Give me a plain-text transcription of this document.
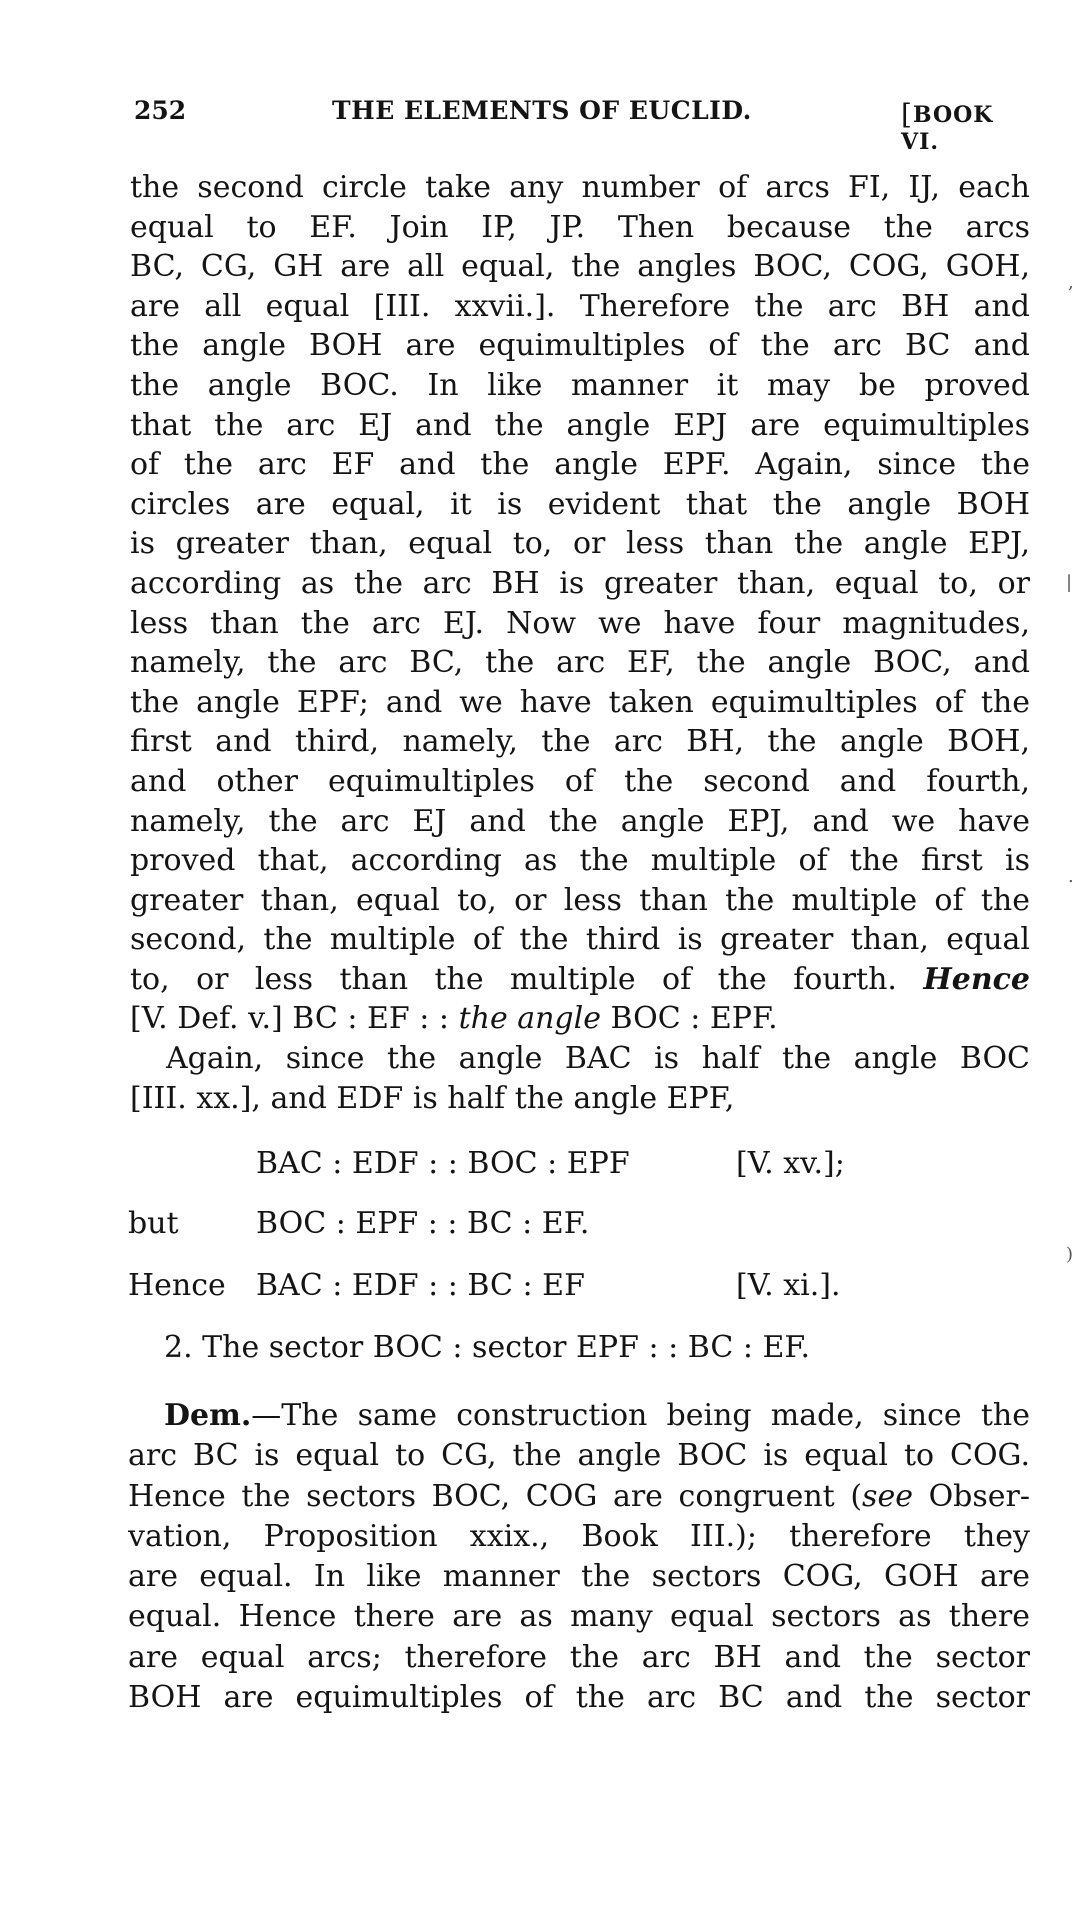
252	THE ELEMENTS OF EUCLID.	[BOOK VI.
the second circle take any number of arcs FI, IJ, each
equal to EF. Join IP, JP. Then because the arcs
BC, CG, GH are all equal, the angles BOC, COG, GOH,
are all equal [III. xxvii.]. Therefore the arc BH and
the angle BOH are equimultiples of the arc BC and
the angle BOC. In like manner it may be proved
that the arc EJ and the angle EPJ are equimultiples
of the arc EF and the angle EPF. Again, since the
circles are equal, it is evident that the angle BOH
is greater than, equal to, or less than the angle EPJ,
according as the arc BH is greater than, equal to, or
less than the arc EJ. Now we have four magnitudes,
namely, the arc BC, the arc EF, the angle BOC, and
the angle EPF; and we have taken equimultiples of the
first and third, namely, the arc BH, the angle BOH,
and other equimultiples of the second and fourth,
namely, the arc EJ and the angle EPJ, and we have
proved that, according as the multiple of the first is
greater than, equal to, or less than the multiple of the
second, the multiple of the third is greater than, equal
to, or less than the multiple of the fourth. Hence
[V. Def. v.] BC : EF : : the angle BOC : EPF.
Again, since the angle BAC is half the angle BOC
[III. xx.], and EDF is half the angle EPF,
BAC : EDF : : BOC : EPF	[V. xv.];
but	BOC : EPF : : BC : EF.
Hence BAC : EDF : : BC : EF	[V. xi.].
2. The sector BOC : sector EPF : : BC : EF.
Dem.—The same construction being made, since the
arc BC is equal to CG, the angle BOC is equal to COG.
Hence the sectors BOC, COG are congruent (see Obser-
vation, Proposition xxix., Book III.); therefore they
are equal. In like manner the sectors COG, GOH are
equal. Hence there are as many equal sectors as there
are equal arcs; therefore the arc BH and the sector
BOH are equimultiples of the arc BC and the sector
,
|
.
)
